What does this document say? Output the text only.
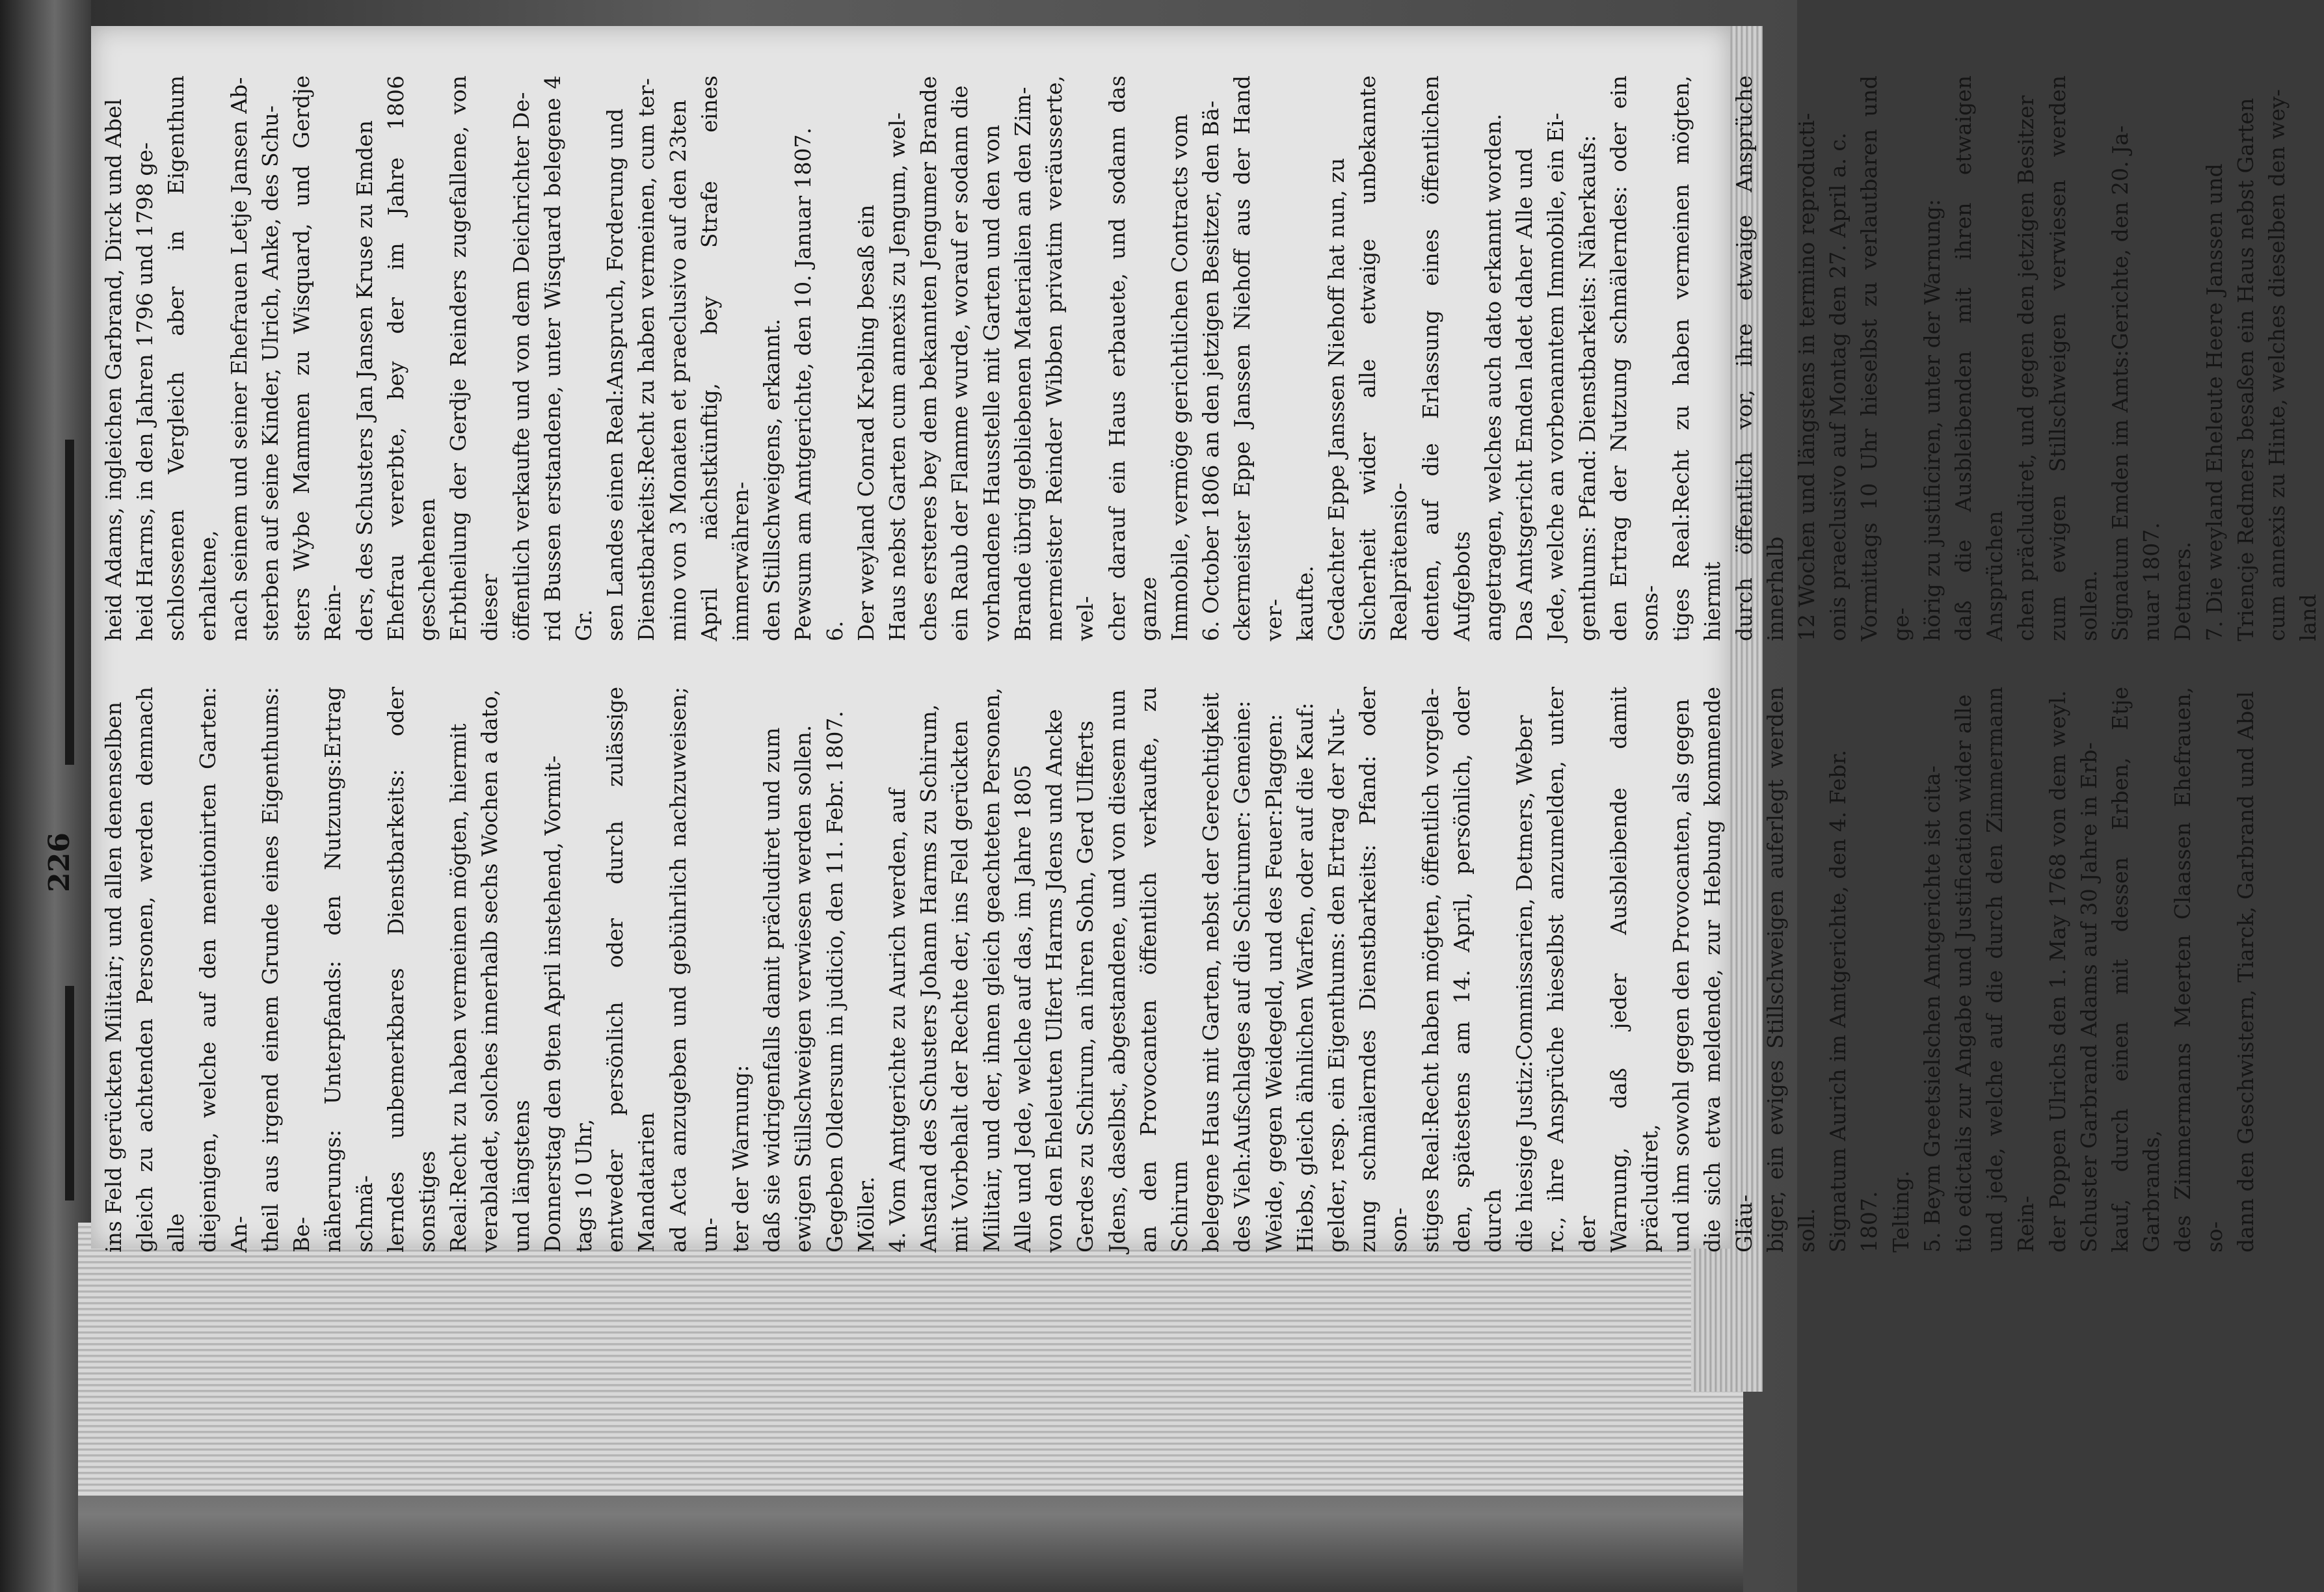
226 ins Feld gerückten Militair; und allen denenselben gleich zu achtenden Personen, werden demnach alle diejenigen, welche auf den mentionirten Garten: An- theil aus irgend einem Grunde eines Eigenthums: Be- näherungs: Unterpfands: den Nutzungs:Ertrag schmä- lerndes unbemerkbares Dienstbarkeits: oder sonstiges Real:Recht zu haben vermeinen mögten, hiermit verabladet, solches innerhalb sechs Wochen a dato, und längstens Donnerstag den 9ten April instehend, Vormit- tags 10 Uhr, entweder persönlich oder durch zulässige Mandatarien ad Acta anzugeben und gebührlich nachzuweisen; un- ter der Warnung: daß sie widrigenfalls damit präcludiret und zum ewigen Stillschweigen verwiesen werden sollen. Gegeben Oldersum in judicio, den 11. Febr. 1807. Möller. 4. Vom Amtgerichte zu Aurich werden, auf Anstand des Schusters Johann Harms zu Schirum, mit Vorbehalt der Rechte der, ins Feld gerückten Militair, und der, ihnen gleich geachteten Personen, Alle und Jede, welche auf das, im Jahre 1805 von den Eheleuten Ulfert Harms Jdens und Ancke Gerdes zu Schirum, an ihren Sohn, Gerd Ulfferts Jdens, daselbst, abgestandene, und von diesem nun an den Provocanten öffentlich verkaufte, zu Schirum belegene Haus mit Garten, nebst der Gerechtigkeit des Vieh:Aufschlages auf die Schirumer: Gemeine: Weide, gegen Weidegeld, und des Feuer:Plaggen: Hiebs, gleich ähnlichen Warfen, oder auf die Kauf: gelder, resp. ein Eigenthums: den Ertrag der Nut- zung schmälerndes Dienstbarkeits: Pfand: oder son- stiges Real:Recht haben mögten, öffentlich vorgela- den, spätestens am 14. April, persönlich, oder durch die hiesige Justiz:Commissarien, Detmers, Weber rc., ihre Ansprüche hieselbst anzumelden, unter der Warnung, daß jeder Ausbleibende damit präcludiret, und ihm sowohl gegen den Provocanten, als gegen die sich etwa meldende, zur Hebung kommende Gläu- biger, ein ewiges Stillschweigen auferlegt werden soll. Signatum Aurich im Amtgerichte, den 4. Febr. 1807. Telting. 5. Beym Greetsielschen Amtgerichte ist cita- tio edictalis zur Angabe und Justification wider alle und jede, welche auf die durch den Zimmermann Rein- der Poppen Ulrichs den 1. May 1768 von dem weyl. Schuster Garbrand Adams auf 30 Jahre in Erb- kauf, durch einen mit dessen Erben, Etje Garbrands, des Zimmermanns Meerten Claassen Ehefrauen, so- dann den Geschwistern, Tiarck, Garbrand und Abel

heid Adams, ingleichen Garbrand, Dirck und Abel heid Harms, in den Jahren 1796 und 1798 ge- schlossenen Vergleich aber in Eigenthum erhaltene, nach seinem und seiner Ehefrauen Letje Jansen Ab- sterben auf seine Kinder, Ulrich, Anke, des Schu- sters Wybe Mammen zu Wisquard, und Gerdje Rein- ders, des Schusters Jan Jansen Kruse zu Emden Ehefrau vererbte, bey der im Jahre 1806 geschehenen Erbtheilung der Gerdje Reinders zugefallene, von dieser öffentlich verkaufte und von dem Deichrichter De- rid Bussen erstandene, unter Wisquard belegene 4 Gr. sen Landes einen Real:Anspruch, Forderung und Dienstbarkeits:Recht zu haben vermeinen, cum ter- mino von 3 Monaten et praeclusivo auf den 23ten April nächstkünftig, bey Strafe eines immerwähren- den Stillschweigens, erkannt. Pewsum am Amtgerichte, den 10. Januar 1807. 6. Der weyland Conrad Krebling besaß ein Haus nebst Garten cum annexis zu Jengum, wel- ches ersteres bey dem bekannten Jengumer Brande ein Raub der Flamme wurde, worauf er sodann die vorhandene Hausstelle mit Garten und den von Brande übrig gebliebenen Materialien an den Zim- mermeister Reinder Wibben privatim veräusserte, wel- cher darauf ein Haus erbauete, und sodann das ganze Immobile, vermöge gerichtlichen Contracts vom 6. October 1806 an den jetzigen Besitzer, den Bä- ckermeister Eppe Janssen Niehoff aus der Hand ver- kaufte. Gedachter Eppe Janssen Niehoff hat nun, zu Sicherheit wider alle etwaige unbekannte Realprätensio- denten, auf die Erlassung eines öffentlichen Aufgebots angetragen, welches auch dato erkannt worden. Das Amtsgericht Emden ladet daher Alle und Jede, welche an vorbenanntem Immobile, ein Ei- genthums: Pfand: Dienstbarkeits: Näherkaufs: den Ertrag der Nutzung schmälerndes: oder ein sons- tiges Real:Recht zu haben vermeinen mögten, hiermit durch öffentlich vor, ihre etwaige Ansprüche innerhalb 12 Wochen und längstens in termino reproducti- onis praeclusivo auf Montag den 27. April a. c. Vormittags 10 Uhr hieselbst zu verlautbaren und ge- hörig zu justificiren, unter der Warnung: daß die Ausbleibenden mit ihren etwaigen Ansprüchen chen präcludiret, und gegen den jetzigen Besitzer zum ewigen Stillschweigen verwiesen werden sollen. Signatum Emden im Amts:Gerichte, den 20. Ja- nuar 1807. Detmers. 7. Die weyland Eheleute Heere Janssen und Triencje Redmers besaßen ein Haus nebst Garten cum annexis zu Hinte, welches dieselben den wey- land
